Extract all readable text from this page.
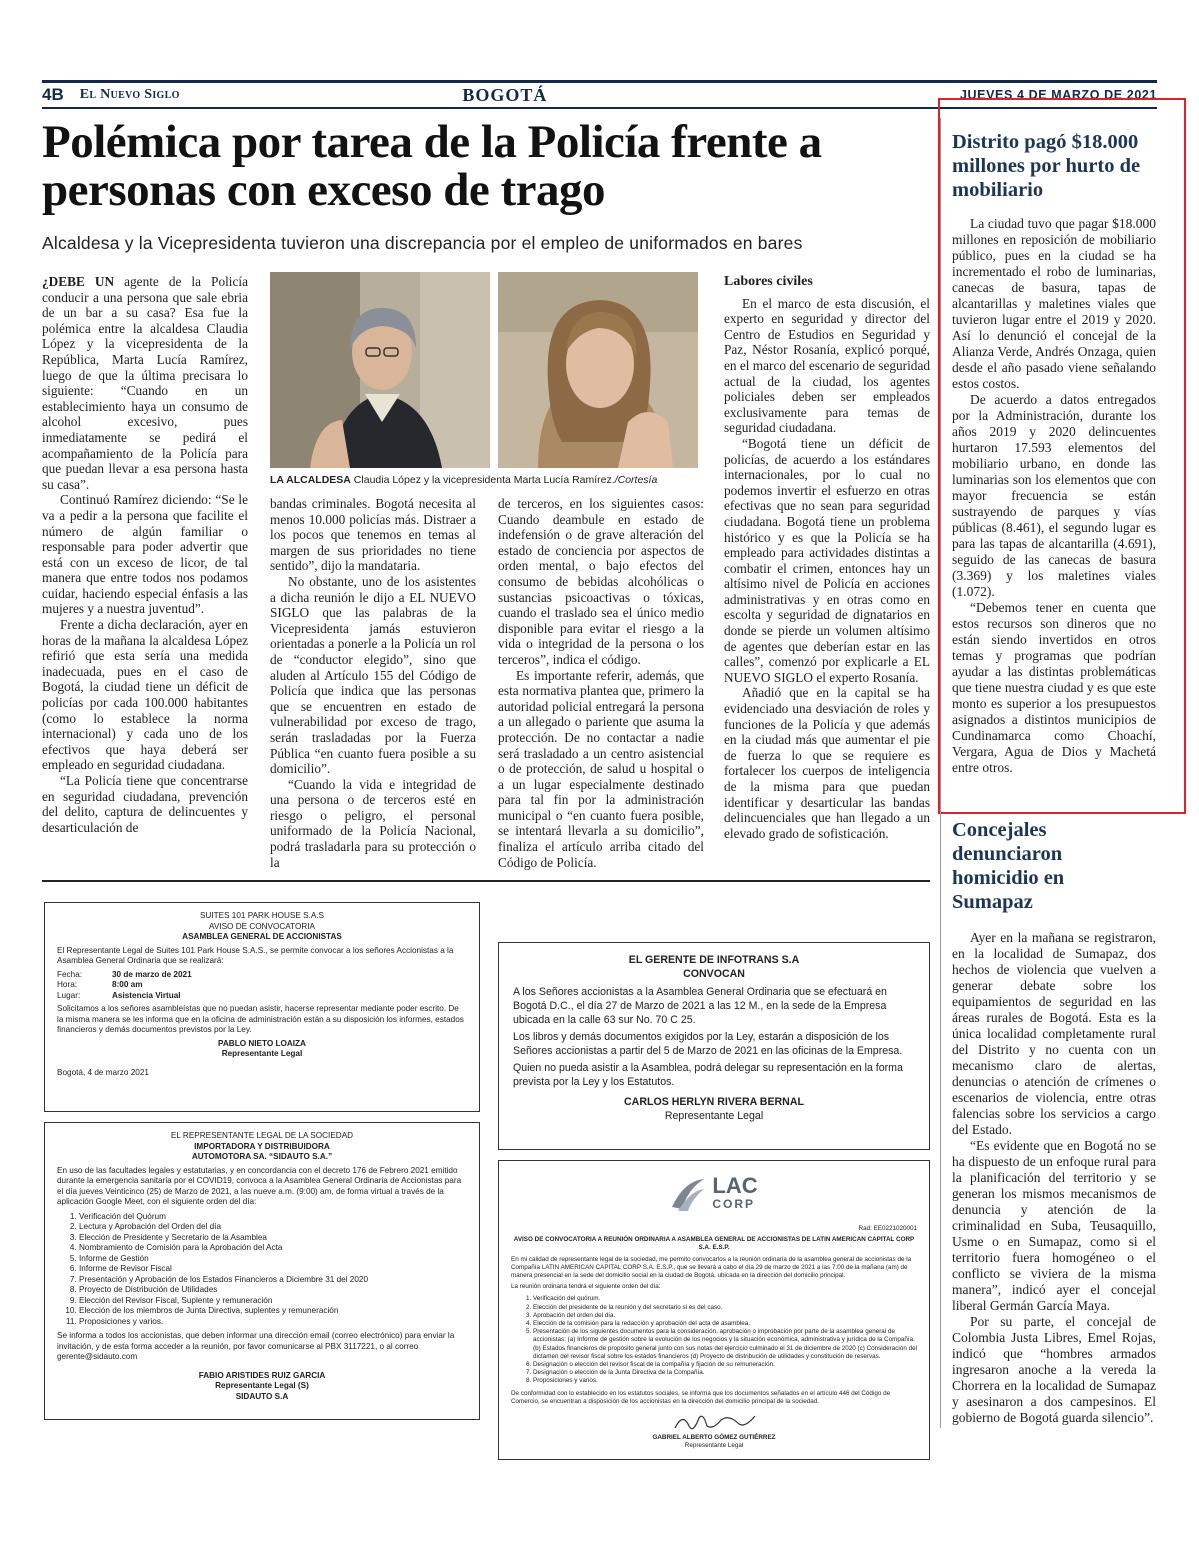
4B El Nuevo Siglo	BOGOTÁ	JUEVES 4 DE MARZO DE 2021
Polémica por tarea de la Policía frente a personas con exceso de trago
Alcaldesa y la Vicepresidenta tuvieron una discrepancia por el empleo de uniformados en bares

¿DEBE UN agente de la Policía conducir a una persona que sale ebria de un bar a su casa? Esa fue la polémica entre la alcaldesa Claudia López y la vicepresidenta de la República, Marta Lucía Ramírez, luego de que la última precisara lo siguiente: “Cuando en un establecimiento haya un consumo de alcohol excesivo, pues inmediatamente se pedirá el acompañamiento de la Policía para que puedan llevar a esa persona hasta su casa”.

Continuó Ramírez diciendo: “Se le va a pedir a la persona que facilite el número de algún familiar o responsable para poder advertir que está con un exceso de licor, de tal manera que entre todos nos podamos cuidar, haciendo especial énfasis a las mujeres y a nuestra juventud”.

Frente a dicha declaración, ayer en horas de la mañana la alcaldesa López refirió que esta sería una medida inadecuada, pues en el caso de Bogotá, la ciudad tiene un déficit de policías por cada 100.000 habitantes (como lo establece la norma internacional) y cada uno de los efectivos que haya deberá ser empleado en seguridad ciudadana.

“La Policía tiene que concentrarse en seguridad ciudadana, prevención del delito, captura de delincuentes y desarticulación de

LA ALCALDESA Claudia López y la vicepresidenta Marta Lucía Ramírez./Cortesía

bandas criminales. Bogotá necesita al menos 10.000 policías más. Distraer a los pocos que tenemos en temas al margen de sus prioridades no tiene sentido”, dijo la mandataria.

No obstante, uno de los asistentes a dicha reunión le dijo a EL NUEVO SIGLO que las palabras de la Vicepresidenta jamás estuvieron orientadas a ponerle a la Policía un rol de “conductor elegido”, sino que aluden al Artículo 155 del Código de Policía que indica que las personas que se encuentren en estado de vulnerabilidad por exceso de trago, serán trasladadas por la Fuerza Pública “en cuanto fuera posible a su domicilio”.

“Cuando la vida e integridad de una persona o de terceros esté en riesgo o peligro, el personal uniformado de la Policía Nacional, podrá trasladarla para su protección o la

de terceros, en los siguientes casos: Cuando deambule en estado de indefensión o de grave alteración del estado de conciencia por aspectos de orden mental, o bajo efectos del consumo de bebidas alcohólicas o sustancias psicoactivas o tóxicas, cuando el traslado sea el único medio disponible para evitar el riesgo a la vida o integridad de la persona o los terceros”, indica el código.

Es importante referir, además, que esta normativa plantea que, primero la autoridad policial entregará la persona a un allegado o pariente que asuma la protección. De no contactar a nadie será trasladado a un centro asistencial o de protección, de salud u hospital o a un lugar especialmente destinado para tal fin por la administración municipal o “en cuanto fuera posible, se intentará llevarla a su domicilio”, finaliza el artículo arriba citado del Código de Policía.

Labores civiles

En el marco de esta discusión, el experto en seguridad y director del Centro de Estudios en Seguridad y Paz, Néstor Rosanía, explicó porqué, en el marco del escenario de seguridad actual de la ciudad, los agentes policiales deben ser empleados exclusivamente para temas de seguridad ciudadana.

“Bogotá tiene un déficit de policías, de acuerdo a los estándares internacionales, por lo cual no podemos invertir el esfuerzo en otras efectivas que no sean para seguridad ciudadana. Bogotá tiene un problema histórico y es que la Policía se ha empleado para actividades distintas a combatir el crimen, entonces hay un altísimo nivel de Policía en acciones administrativas y en otras como en escolta y seguridad de dignatarios en donde se pierde un volumen altísimo de agentes que deberían estar en las calles”, comenzó por explicarle a EL NUEVO SIGLO el experto Rosanía.

Añadió que en la capital se ha evidenciado una desviación de roles y funciones de la Policía y que además en la ciudad más que aumentar el pie de fuerza lo que se requiere es fortalecer los cuerpos de inteligencia de la misma para que puedan identificar y desarticular las bandas delincuenciales que han llegado a un elevado grado de sofisticación.

Distrito pagó $18.000 millones por hurto de mobiliario

La ciudad tuvo que pagar $18.000 millones en reposición de mobiliario público, pues en la ciudad se ha incrementado el robo de luminarias, canecas de basura, tapas de alcantarillas y maletines viales que tuvieron lugar entre el 2019 y 2020. Así lo denunció el concejal de la Alianza Verde, Andrés Onzaga, quien desde el año pasado viene señalando estos costos.

De acuerdo a datos entregados por la Administración, durante los años 2019 y 2020 delincuentes hurtaron 17.593 elementos del mobiliario urbano, en donde las luminarias son los elementos que con mayor frecuencia se están sustrayendo de parques y vías públicas (8.461), el segundo lugar es para las tapas de alcantarilla (4.691), seguido de las canecas de basura (3.369) y los maletines viales (1.072).

“Debemos tener en cuenta que estos recursos son dineros que no están siendo invertidos en otros temas y programas que podrían ayudar a las distintas problemáticas que tiene nuestra ciudad y es que este monto es superior a los presupuestos asignados a distintos municipios de Cundinamarca como Choachí, Vergara, Agua de Dios y Machetá entre otros.

Concejales denunciaron homicidio en Sumapaz

Ayer en la mañana se registraron, en la localidad de Sumapaz, dos hechos de violencia que vuelven a generar debate sobre los equipamientos de seguridad en las áreas rurales de Bogotá. Esta es la única localidad completamente rural del Distrito y no cuenta con un mecanismo claro de alertas, denuncias o atención de crímenes o escenarios de violencia, entre otras falencias sobre los servicios a cargo del Estado.

“Es evidente que en Bogotá no se ha dispuesto de un enfoque rural para la planificación del territorio y se generan los mismos mecanismos de denuncia y atención de la criminalidad en Suba, Teusaquillo, Usme o en Sumapaz, como si el territorio fuera homogéneo o el conflicto se viviera de la misma manera”, indicó ayer el concejal liberal Germán García Maya.

Por su parte, el concejal de Colombia Justa Libres, Emel Rojas, indicó que “hombres armados ingresaron anoche a la vereda la Chorrera en la localidad de Sumapaz y asesinaron a dos campesinos. El gobierno de Bogotá guarda silencio”.

SUITES 101 PARK HOUSE S.A.S
AVISO DE CONVOCATORIA
ASAMBLEA GENERAL DE ACCIONISTAS

El Representante Legal de Suites 101 Park House S.A.S., se permite convocar a los señores Accionistas a la Asamblea General Ordinaria que se realizará:

Fecha:	30 de marzo de 2021
Hora:	8:00 am
Lugar:	Asistencia Virtual

Solicitamos a los señores asambleístas que no puedan asistir, hacerse representar mediante poder escrito. De la misma manera se les informa que en la oficina de administración están a su disposición los informes, estados financieros y demás documentos previstos por la Ley.

PABLO NIETO LOAIZA
Representante Legal

Bogotá, 4 de marzo 2021

EL GERENTE DE INFOTRANS S.A
CONVOCAN

A los Señores accionistas a la Asamblea General Ordinaria que se efectuará en Bogotá D.C., el día 27 de Marzo de 2021 a las 12 M., en la sede de la Empresa ubicada en la calle 63 sur No. 70 C 25.

Los libros y demás documentos exigidos por la Ley, estarán a disposición de los Señores accionistas a partir del 5 de Marzo de 2021 en las oficinas de la Empresa.

Quien no pueda asistir a la Asamblea, podrá delegar su representación en la forma prevista por la Ley y los Estatutos.

CARLOS HERLYN RIVERA BERNAL
Representante Legal
EL REPRESENTANTE LEGAL DE LA SOCIEDAD
IMPORTADORA Y DISTRIBUIDORA
AUTOMOTORA SA. “SIDAUTO S.A.”

En uso de las facultades legales y estatutarias, y en concordancia con el decreto 176 de Febrero 2021 emitido durante la emergencia sanitaria por el COVID19, convoca a la Asamblea General Ordinaria de Accionistas para el día jueves Veinticinco (25) de Marzo de 2021, a las nueve a.m. (9:00) am, de forma virtual a través de la aplicación Google Meet, con el siguiente orden del día:

1. Verificación del Quórum
2. Lectura y Aprobación del Orden del día
3. Elección de Presidente y Secretario de la Asamblea
4. Nombramiento de Comisión para la Aprobación del Acta
5. Informe de Gestión
6. Informe de Revisor Fiscal
7. Presentación y Aprobación de los Estados Financieros a Diciembre 31 del 2020
8. Proyecto de Distribución de Utilidades
9. Elección del Revisor Fiscal, Suplente y remuneración
10. Elección de los miembros de Junta Directiva, suplentes y remuneración
11. Proposiciones y varios.

Se informa a todos los accionistas, que deben informar una dirección email (correo electrónico) para enviar la invitación, y de esta forma acceder a la reunión, por favor comunicarse al PBX 3117221, o al correo gerente@sidauto.com

FABIO ARISTIDES RUIZ GARCIA
Representante Legal (S)
SIDAUTO S.A
LAC
CORP
Rad: EE0221020001
AVISO DE CONVOCATORIA A REUNIÓN ORDINARIA A ASAMBLEA GENERAL DE ACCIONISTAS DE LATIN AMERICAN CAPITAL CORP S.A. E.S.P.

En mi calidad de representante legal de la sociedad, me permito convocarlos a la reunión ordinaria de la asamblea general de accionistas de la Compañía LATIN AMERICAN CAPITAL CORP S.A. E.S.P., que se llevará a cabo el día 29 de marzo de 2021 a las 7:00 de la mañana (am) de manera presencial en la sede del domicilio social en la ciudad de Bogotá, ubicada en la dirección del domicilio principal.

La reunión ordinaria tendrá el siguiente orden del día:

1. Verificación del quórum.
2. Elección del presidente de la reunión y del secretario si es del caso.
3. Aprobación del orden del día.
4. Elección de la comisión para la redacción y aprobación del acta de asamblea.
5. Presentación de los siguientes documentos para la consideración, aprobación o improbación por parte de la asamblea general de accionistas: (a) Informe de gestión sobre la evolución de los negocios y la situación económica, administrativa y jurídica de la Compañía. (b) Estados financieros de propósito general junto con sus notas del ejercicio culminado el 31 de diciembre de 2020 (c) Consideración del dictamen del revisor fiscal sobre los estados financieros (d) Proyecto de distribución de utilidades y constitución de reservas.
6. Designación o elección del revisor fiscal de la compañía y fijación de su remuneración.
7. Designación o elección de la Junta Directiva de la Compañía.
8. Proposiciones y varios.

De conformidad con lo establecido en los estatutos sociales, se informa que los documentos señalados en el artículo 446 del Código de Comercio, se encuentran a disposición de los accionistas en la dirección del domicilio principal de la sociedad.

GABRIEL ALBERTO GÓMEZ GUTIÉRREZ
Representante Legal
